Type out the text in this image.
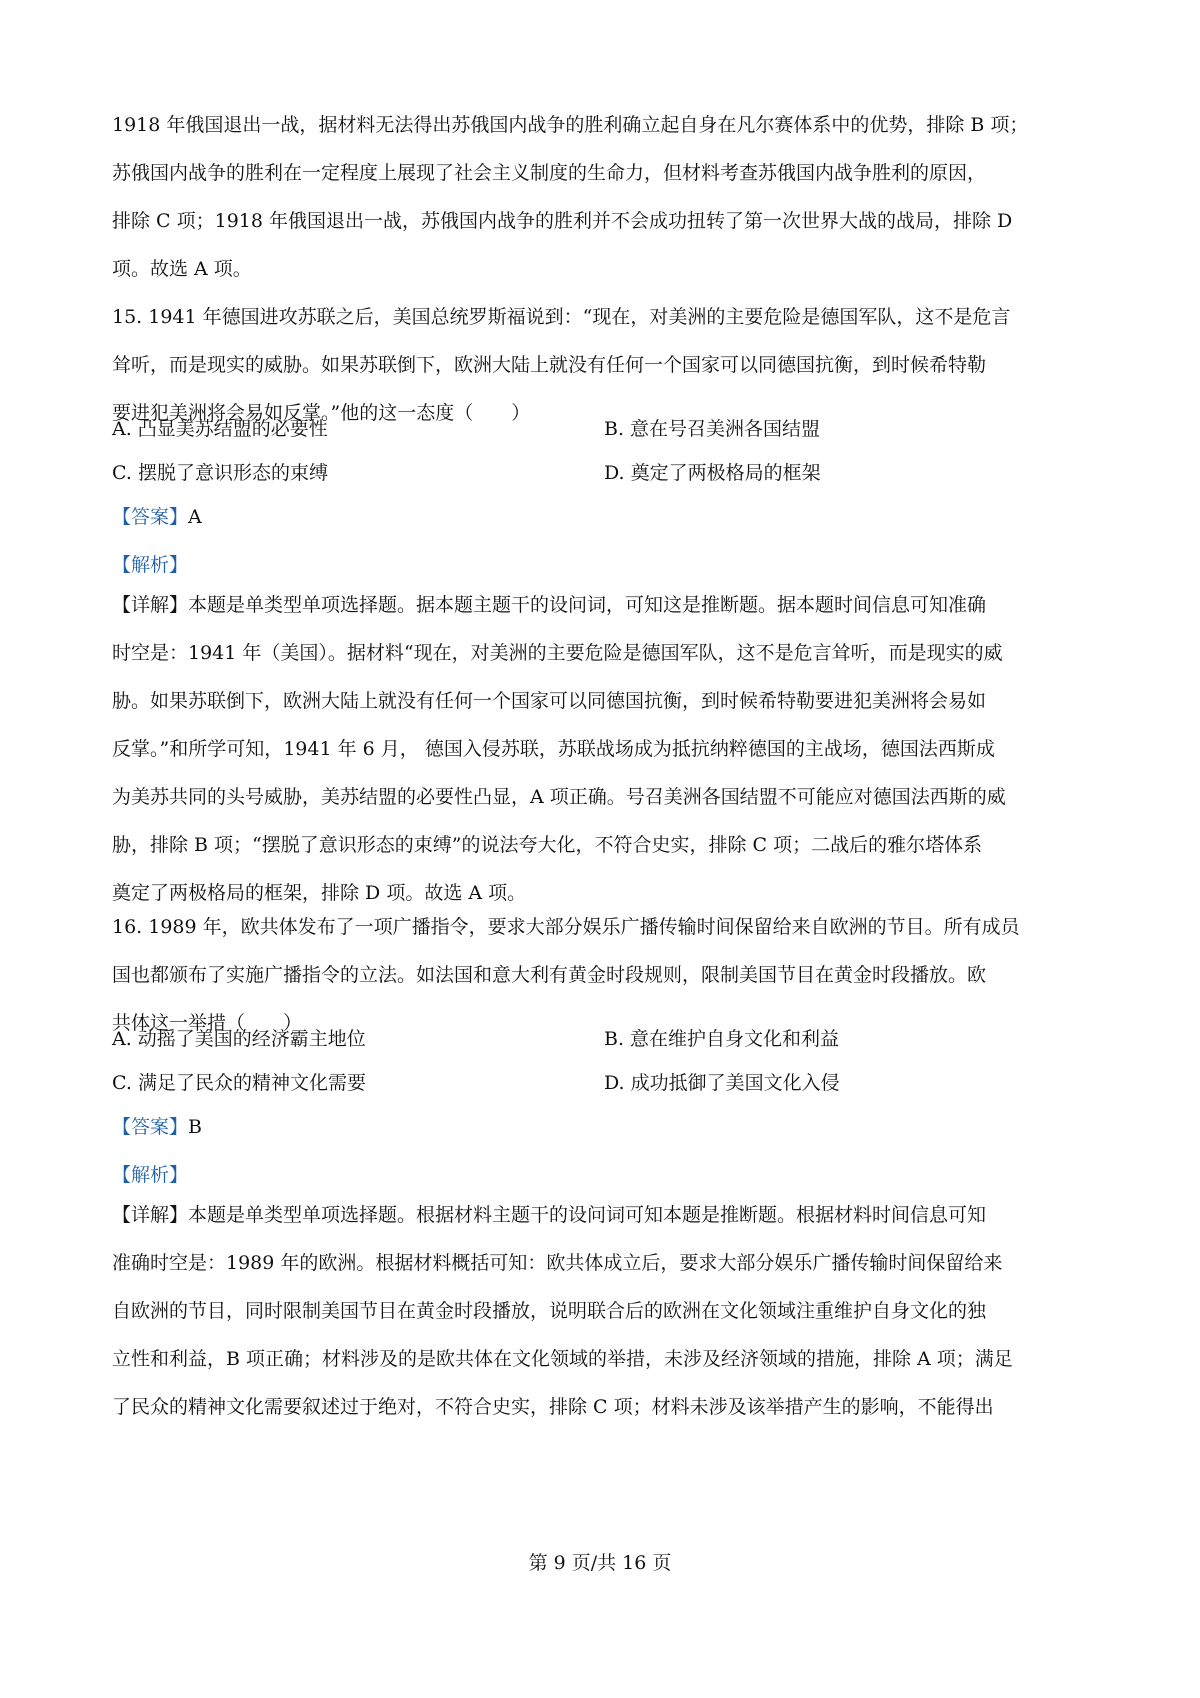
1918 年俄国退出一战，据材料无法得出苏俄国内战争的胜利确立起自身在凡尔赛体系中的优势，排除 B 项；
苏俄国内战争的胜利在一定程度上展现了社会主义制度的生命力，但材料考查苏俄国内战争胜利的原因，
排除 C 项；1918 年俄国退出一战，苏俄国内战争的胜利并不会成功扭转了第一次世界大战的战局，排除 D
项。故选 A 项。
15. 1941 年德国进攻苏联之后，美国总统罗斯福说到：“现在，对美洲的主要危险是德国军队，这不是危言
耸听，而是现实的威胁。如果苏联倒下，欧洲大陆上就没有任何一个国家可以同德国抗衡，到时候希特勒
要进犯美洲将会易如反掌。”他的这一态度（　　）
A. 凸显美苏结盟的必要性	B. 意在号召美洲各国结盟
C. 摆脱了意识形态的束缚	D. 奠定了两极格局的框架
【答案】A
【解析】
【详解】本题是单类型单项选择题。据本题主题干的设问词，可知这是推断题。据本题时间信息可知准确
时空是：1941 年（美国）。据材料“现在，对美洲的主要危险是德国军队，这不是危言耸听，而是现实的威
胁。如果苏联倒下，欧洲大陆上就没有任何一个国家可以同德国抗衡，到时候希特勒要进犯美洲将会易如
反掌。”和所学可知，1941 年 6 月， 德国入侵苏联，苏联战场成为抵抗纳粹德国的主战场，德国法西斯成
为美苏共同的头号威胁，美苏结盟的必要性凸显，A 项正确。号召美洲各国结盟不可能应对德国法西斯的威
胁，排除 B 项；“摆脱了意识形态的束缚”的说法夸大化，不符合史实，排除 C 项；二战后的雅尔塔体系
奠定了两极格局的框架，排除 D 项。故选 A 项。
16. 1989 年，欧共体发布了一项广播指令，要求大部分娱乐广播传输时间保留给来自欧洲的节目。所有成员
国也都颁布了实施广播指令的立法。如法国和意大利有黄金时段规则，限制美国节目在黄金时段播放。欧
共体这一举措（　　）
A. 动摇了美国的经济霸主地位	B. 意在维护自身文化和利益
C. 满足了民众的精神文化需要	D. 成功抵御了美国文化入侵
【答案】B
【解析】
【详解】本题是单类型单项选择题。根据材料主题干的设问词可知本题是推断题。根据材料时间信息可知
准确时空是：1989 年的欧洲。根据材料概括可知：欧共体成立后，要求大部分娱乐广播传输时间保留给来
自欧洲的节目，同时限制美国节目在黄金时段播放，说明联合后的欧洲在文化领域注重维护自身文化的独
立性和利益，B 项正确；材料涉及的是欧共体在文化领域的举措，未涉及经济领域的措施，排除 A 项；满足
了民众的精神文化需要叙述过于绝对，不符合史实，排除 C 项；材料未涉及该举措产生的影响，不能得出
第 9 页/共 16 页
